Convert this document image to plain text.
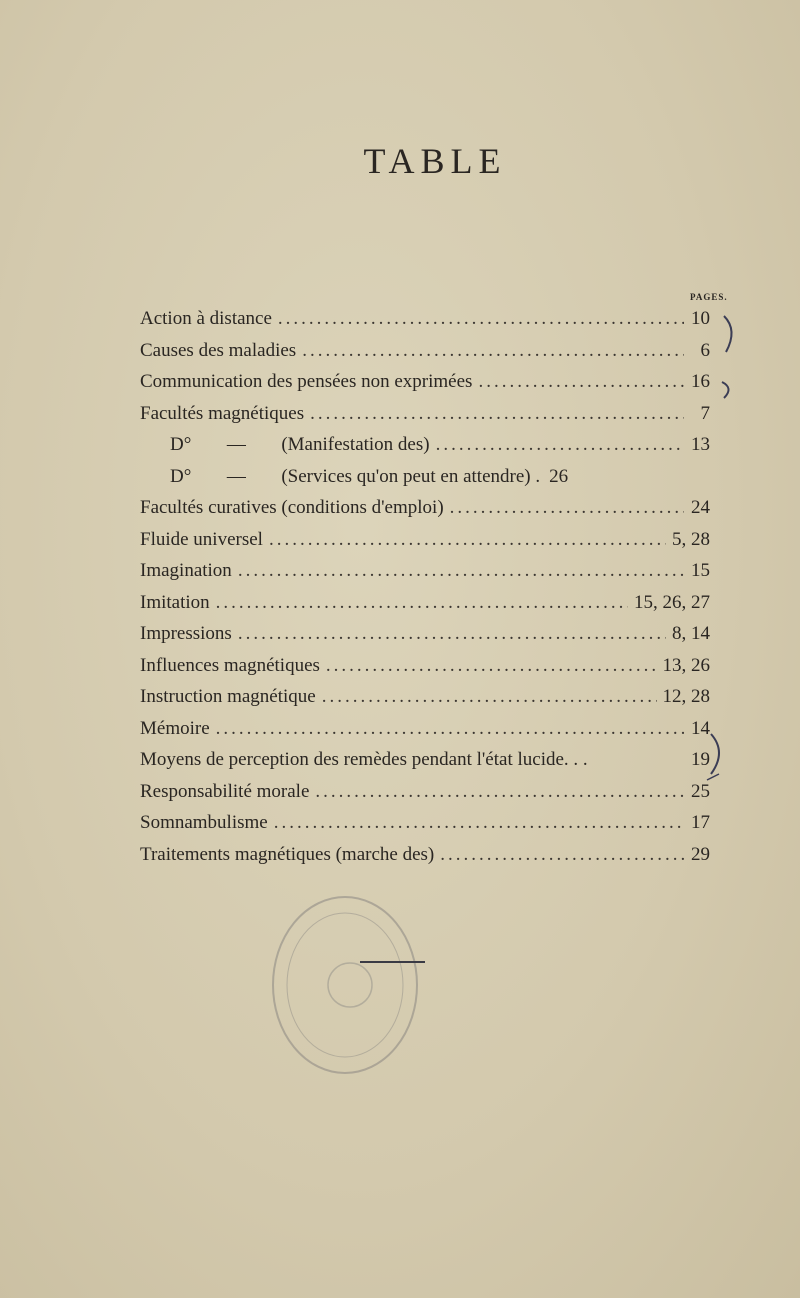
TABLE
PAGES.
Action à distance .....	10
Causes des maladies .....	6
Communication des pensées non exprimées .....	16
Facultés magnétiques .....	7
D°	—	(Manifestation des) .....	13
D°	—	(Services qu'on peut en attendre) . 26
Facultés curatives (conditions d'emploi) .....	24
Fluide universel .....	5, 28
Imagination .....	15
Imitation .....	15, 26, 27
Impressions .....	8, 14
Influences magnétiques .....	13, 26
Instruction magnétique .....	12, 28
Mémoire .....	14
Moyens de perception des remèdes pendant l'état lucide. . .	19
Responsabilité morale .....	25
Somnambulisme .....	17
Traitements magnétiques (marche des) .....	29
